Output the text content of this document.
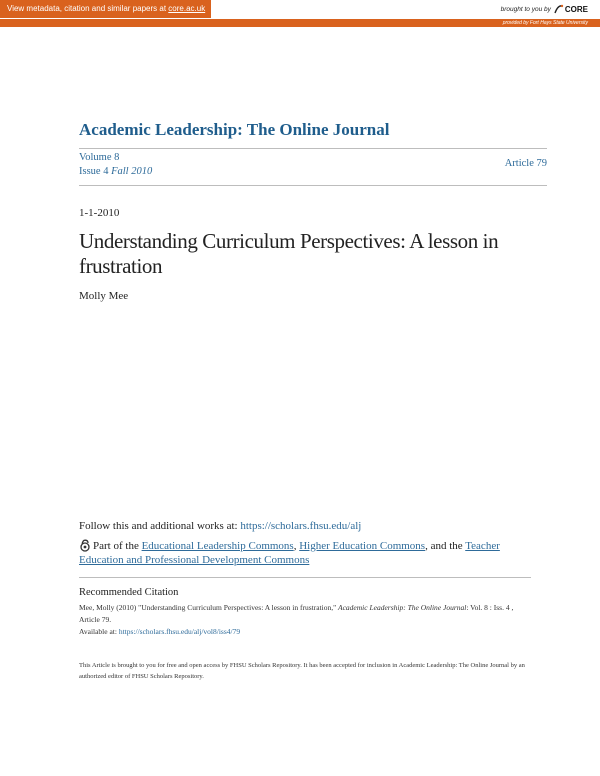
View metadata, citation and similar papers at core.ac.uk	brought to you by CORE
provided by Fort Hays State University
Academic Leadership: The Online Journal
Volume 8
Issue 4 Fall 2010
Article 79
1-1-2010
Understanding Curriculum Perspectives: A lesson in frustration
Molly Mee
Follow this and additional works at: https://scholars.fhsu.edu/alj
Part of the Educational Leadership Commons, Higher Education Commons, and the Teacher Education and Professional Development Commons
Recommended Citation
Mee, Molly (2010) "Understanding Curriculum Perspectives: A lesson in frustration," Academic Leadership: The Online Journal: Vol. 8 : Iss. 4 , Article 79.
Available at: https://scholars.fhsu.edu/alj/vol8/iss4/79
This Article is brought to you for free and open access by FHSU Scholars Repository. It has been accepted for inclusion in Academic Leadership: The Online Journal by an authorized editor of FHSU Scholars Repository.
